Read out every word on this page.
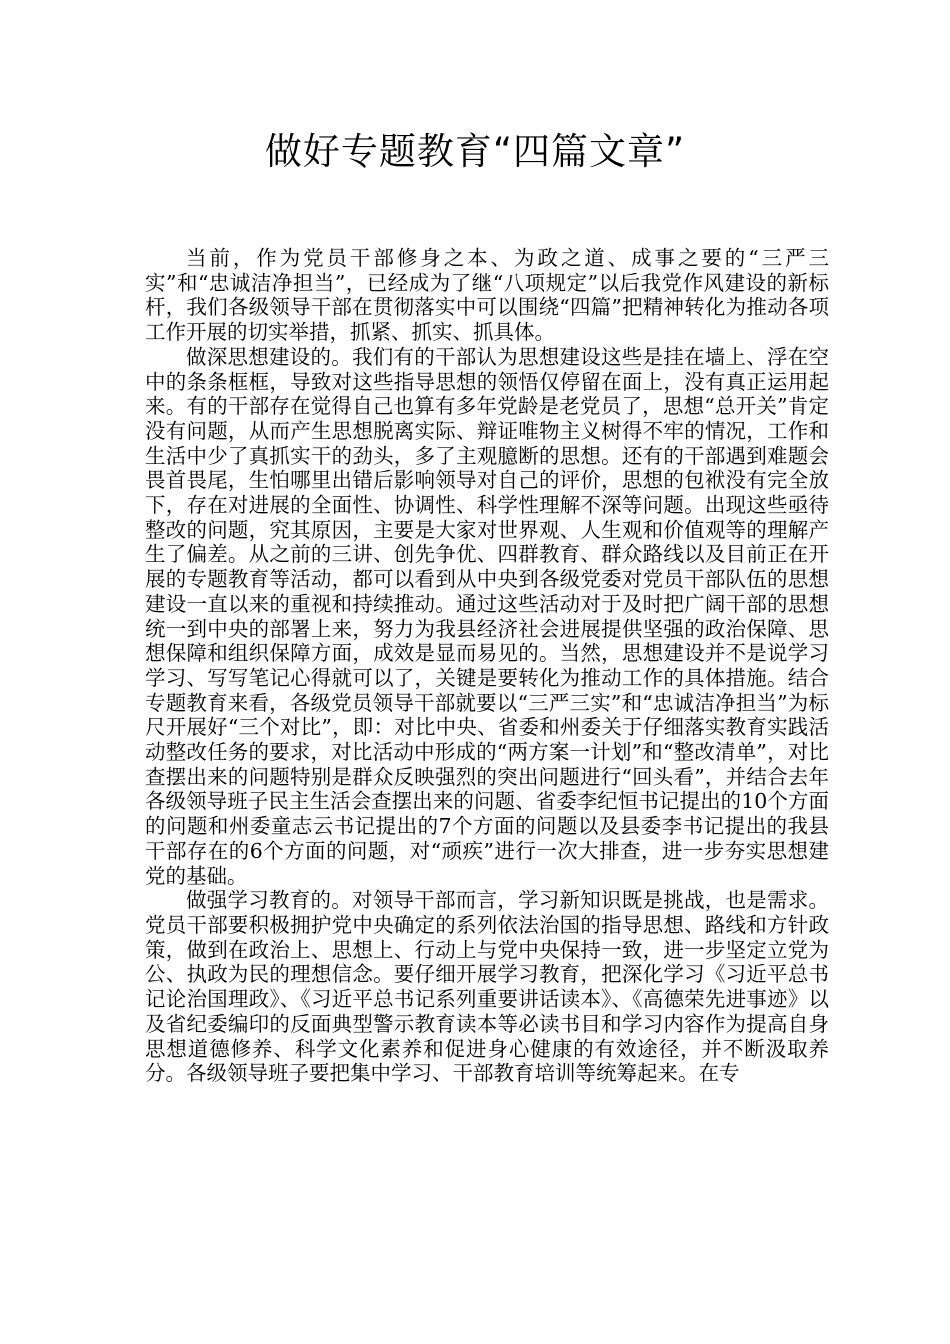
做好专题教育“四篇文章”

当前，作为党员干部修身之本、为政之道、成事之要的“三严三实”和“忠诚洁净担当”，已经成为了继“八项规定”以后我党作风建设的新标杆，我们各级领导干部在贯彻落实中可以围绕“四篇”把精神转化为推动各项工作开展的切实举措，抓紧、抓实、抓具体。

做深思想建设的。我们有的干部认为思想建设这些是挂在墙上、浮在空中的条条框框，导致对这些指导思想的领悟仅停留在面上，没有真正运用起来。有的干部存在觉得自己也算有多年党龄是老党员了，思想“总开关”肯定没有问题，从而产生思想脱离实际、辩证唯物主义树得不牢的情况，工作和生活中少了真抓实干的劲头，多了主观臆断的思想。还有的干部遇到难题会畏首畏尾，生怕哪里出错后影响领导对自己的评价，思想的包袱没有完全放下，存在对进展的全面性、协调性、科学性理解不深等问题。出现这些亟待整改的问题，究其原因，主要是大家对世界观、人生观和价值观等的理解产生了偏差。从之前的三讲、创先争优、四群教育、群众路线以及目前正在开展的专题教育等活动，都可以看到从中央到各级党委对党员干部队伍的思想建设一直以来的重视和持续推动。通过这些活动对于及时把广阔干部的思想统一到中央的部署上来，努力为我县经济社会进展提供坚强的政治保障、思想保障和组织保障方面，成效是显而易见的。当然，思想建设并不是说学习学习、写写笔记心得就可以了，关键是要转化为推动工作的具体措施。结合专题教育来看，各级党员领导干部就要以“三严三实”和“忠诚洁净担当”为标尺开展好“三个对比”，即：对比中央、省委和州委关于仔细落实教育实践活动整改任务的要求，对比活动中形成的“两方案一计划”和“整改清单”，对比查摆出来的问题特别是群众反映强烈的突出问题进行“回头看”，并结合去年各级领导班子民主生活会查摆出来的问题、省委李纪恒书记提出的10个方面的问题和州委童志云书记提出的7个方面的问题以及县委李书记提出的我县干部存在的6个方面的问题，对“顽疾”进行一次大排查，进一步夯实思想建党的基础。

做强学习教育的。对领导干部而言，学习新知识既是挑战，也是需求。党员干部要积极拥护党中央确定的系列依法治国的指导思想、路线和方针政策，做到在政治上、思想上、行动上与党中央保持一致，进一步坚定立党为公、执政为民的理想信念。要仔细开展学习教育，把深化学习《习近平总书记论治国理政》、《习近平总书记系列重要讲话读本》、《高德荣先进事迹》以及省纪委编印的反面典型警示教育读本等必读书目和学习内容作为提高自身思想道德修养、科学文化素养和促进身心健康的有效途径，并不断汲取养分。各级领导班子要把集中学习、干部教育培训等统筹起来。在专
